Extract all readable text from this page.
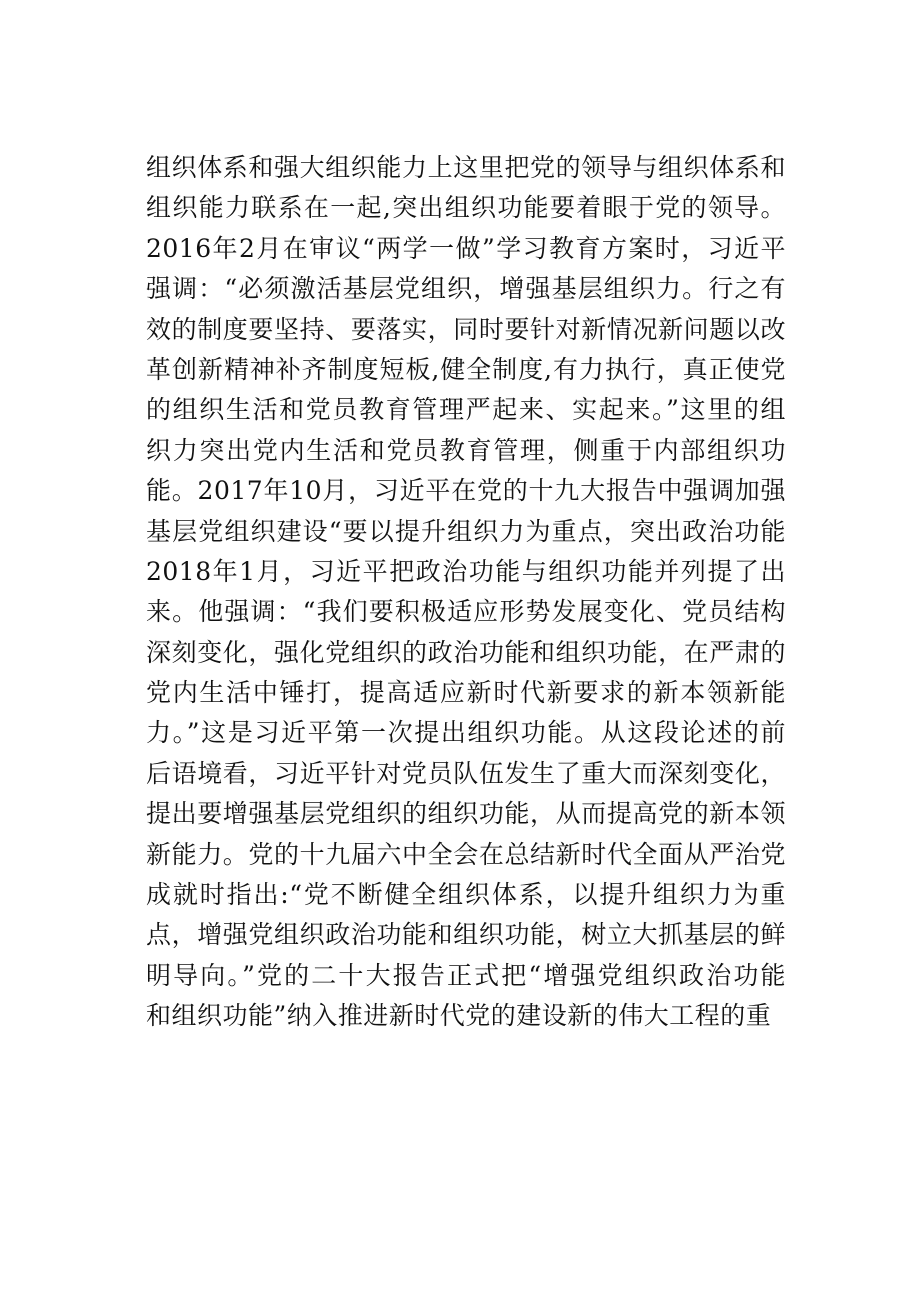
组织体系和强大组织能力上这里把党的领导与组织体系和
组织能力联系在一起,突出组织功能要着眼于党的领导。
2016年2月在审议“两学一做”学习教育方案时，习近平
强调：“必须激活基层党组织，增强基层组织力。行之有
效的制度要坚持、要落实，同时要针对新情况新问题以改
革创新精神补齐制度短板,健全制度,有力执行，真正使党
的组织生活和党员教育管理严起来、实起来。”这里的组
织力突出党内生活和党员教育管理，侧重于内部组织功
能。2017年10月，习近平在党的十九大报告中强调加强
基层党组织建设“要以提升组织力为重点，突出政治功能
2018年1月，习近平把政治功能与组织功能并列提了出
来。他强调：“我们要积极适应形势发展变化、党员结构
深刻变化，强化党组织的政治功能和组织功能，在严肃的
党内生活中锤打，提高适应新时代新要求的新本领新能
力。”这是习近平第一次提出组织功能。从这段论述的前
后语境看，习近平针对党员队伍发生了重大而深刻变化，
提出要增强基层党组织的组织功能，从而提高党的新本领
新能力。党的十九届六中全会在总结新时代全面从严治党
成就时指出:“党不断健全组织体系，以提升组织力为重
点，增强党组织政治功能和组织功能，树立大抓基层的鲜
明导向。”党的二十大报告正式把“增强党组织政治功能
和组织功能”纳入推进新时代党的建设新的伟大工程的重
